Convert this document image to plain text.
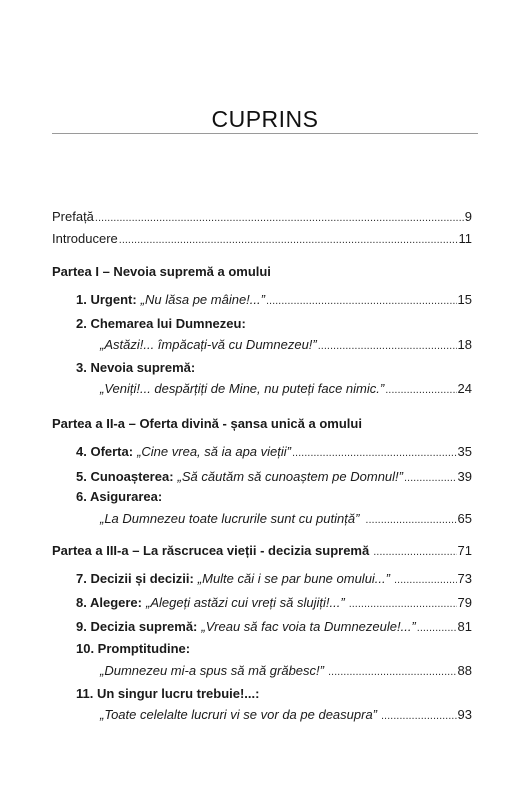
CUPRINS
Prefață .....	9
Introducere .....	11
Partea I – Nevoia supremă a omului
1. Urgent: „Nu lăsa pe mâine!...” .....	15
2. Chemarea lui Dumnezeu:
„Astăzi!... împăcați-vă cu Dumnezeu!” .....	18
3. Nevoia supremă:
„Veniți!... despărțiți de Mine, nu puteți face nimic.” .....	24
Partea a II-a – Oferta divină - șansa unică a omului
4. Oferta: „Cine vrea, să ia apa vieții” .....	35
5. Cunoașterea: „Să căutăm să cunoaștem pe Domnul!” .....	39
6. Asigurarea:
„La Dumnezeu toate lucrurile sunt cu putință” .....	65
Partea a III-a – La răscrucea vieții - decizia supremă .....	71
7. Decizii și decizii: „Multe căi i se par bune omului...” .....	73
8. Alegere: „Alegeți astăzi cui vreți să slujiți!...” .....	79
9. Decizia supremă: „Vreau să fac voia ta Dumnezeule!...” .....	81
10. Promptitudine:
„Dumnezeu mi-a spus să mă grăbesc!” .....	88
11. Un singur lucru trebuie!...:
„Toate celelalte lucruri vi se vor da pe deasupra” .....	93
